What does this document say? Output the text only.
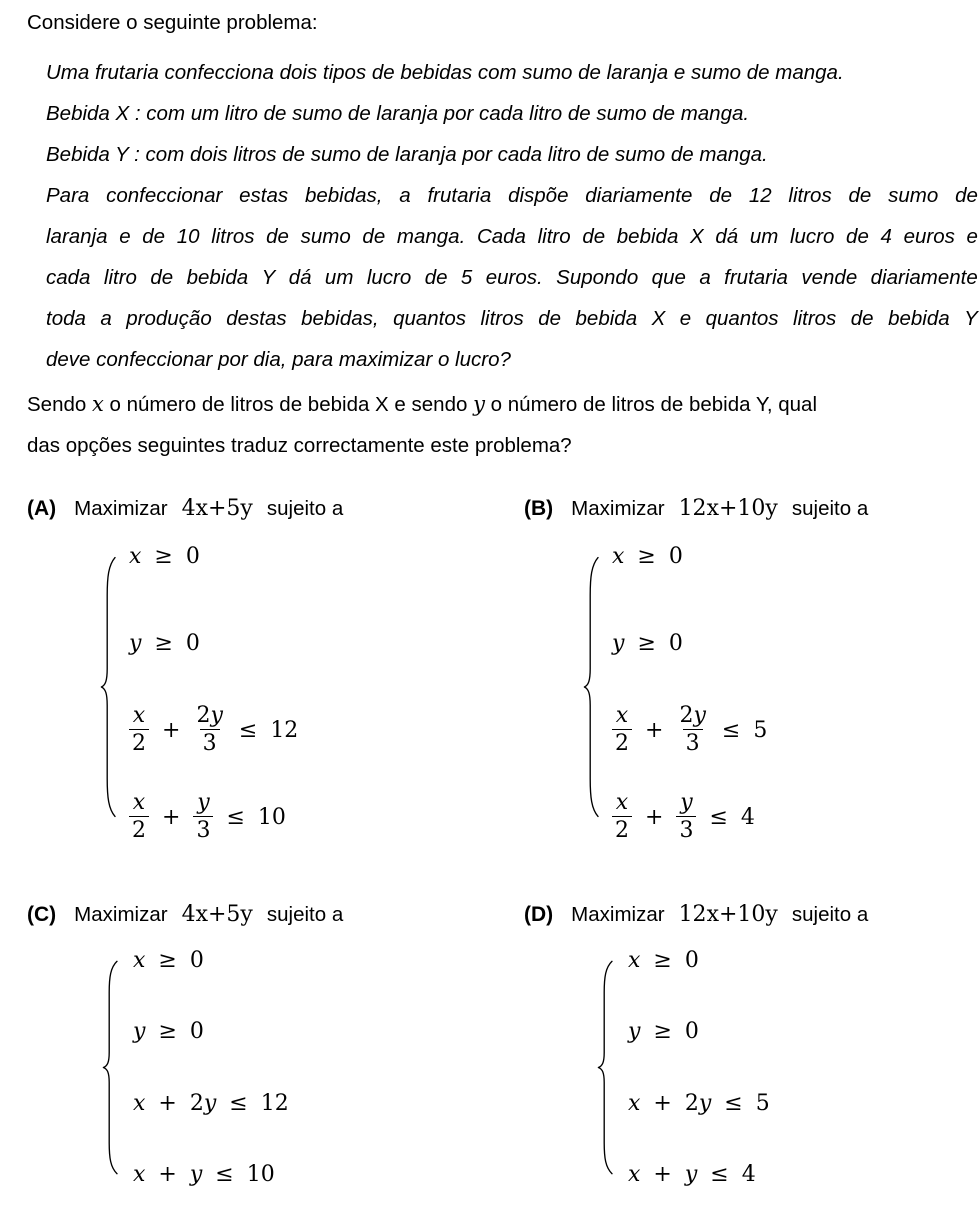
Considere o seguinte problema:
Uma frutaria confecciona dois tipos de bebidas com sumo de laranja e sumo de manga.
Bebida X : com um litro de sumo de laranja por cada litro de sumo de manga.
Bebida Y : com dois litros de sumo de laranja por cada litro de sumo de manga.
Para confeccionar estas bebidas, a frutaria dispõe diariamente de 12 litros de sumo de
laranja e de 10 litros de sumo de manga. Cada litro de bebida X dá um lucro de 4 euros e
cada litro de bebida Y dá um lucro de 5 euros. Supondo que a frutaria vende diariamente
toda a produção destas bebidas, quantos litros de bebida X e quantos litros de bebida Y
deve confeccionar por dia, para maximizar o lucro?
Sendo x o número de litros de bebida X e sendo y o número de litros de bebida Y, qual
das opções seguintes traduz correctamente este problema?
(A) Maximizar 4x+5y sujeito a	(B) Maximizar 12x+10y sujeito a
(C) Maximizar 4x+5y sujeito a	(D) Maximizar 12x+10y sujeito a
x ≥ 0
y ≥ 0
$\frac{x}{2} + \frac{2y}{3} \le 12$
$\frac{x}{2} + \frac{y}{3} \le 10$
x ≥ 0
y ≥ 0
$\frac{x}{2} + \frac{2y}{3} \le 5$
$\frac{x}{2} + \frac{y}{3} \le 4$
x ≥ 0
y ≥ 0
x + 2 y ≤ 12
x + y ≤ 10
x ≥ 0
y ≥ 0
x + 2 y ≤ 5
x + y ≤ 4
